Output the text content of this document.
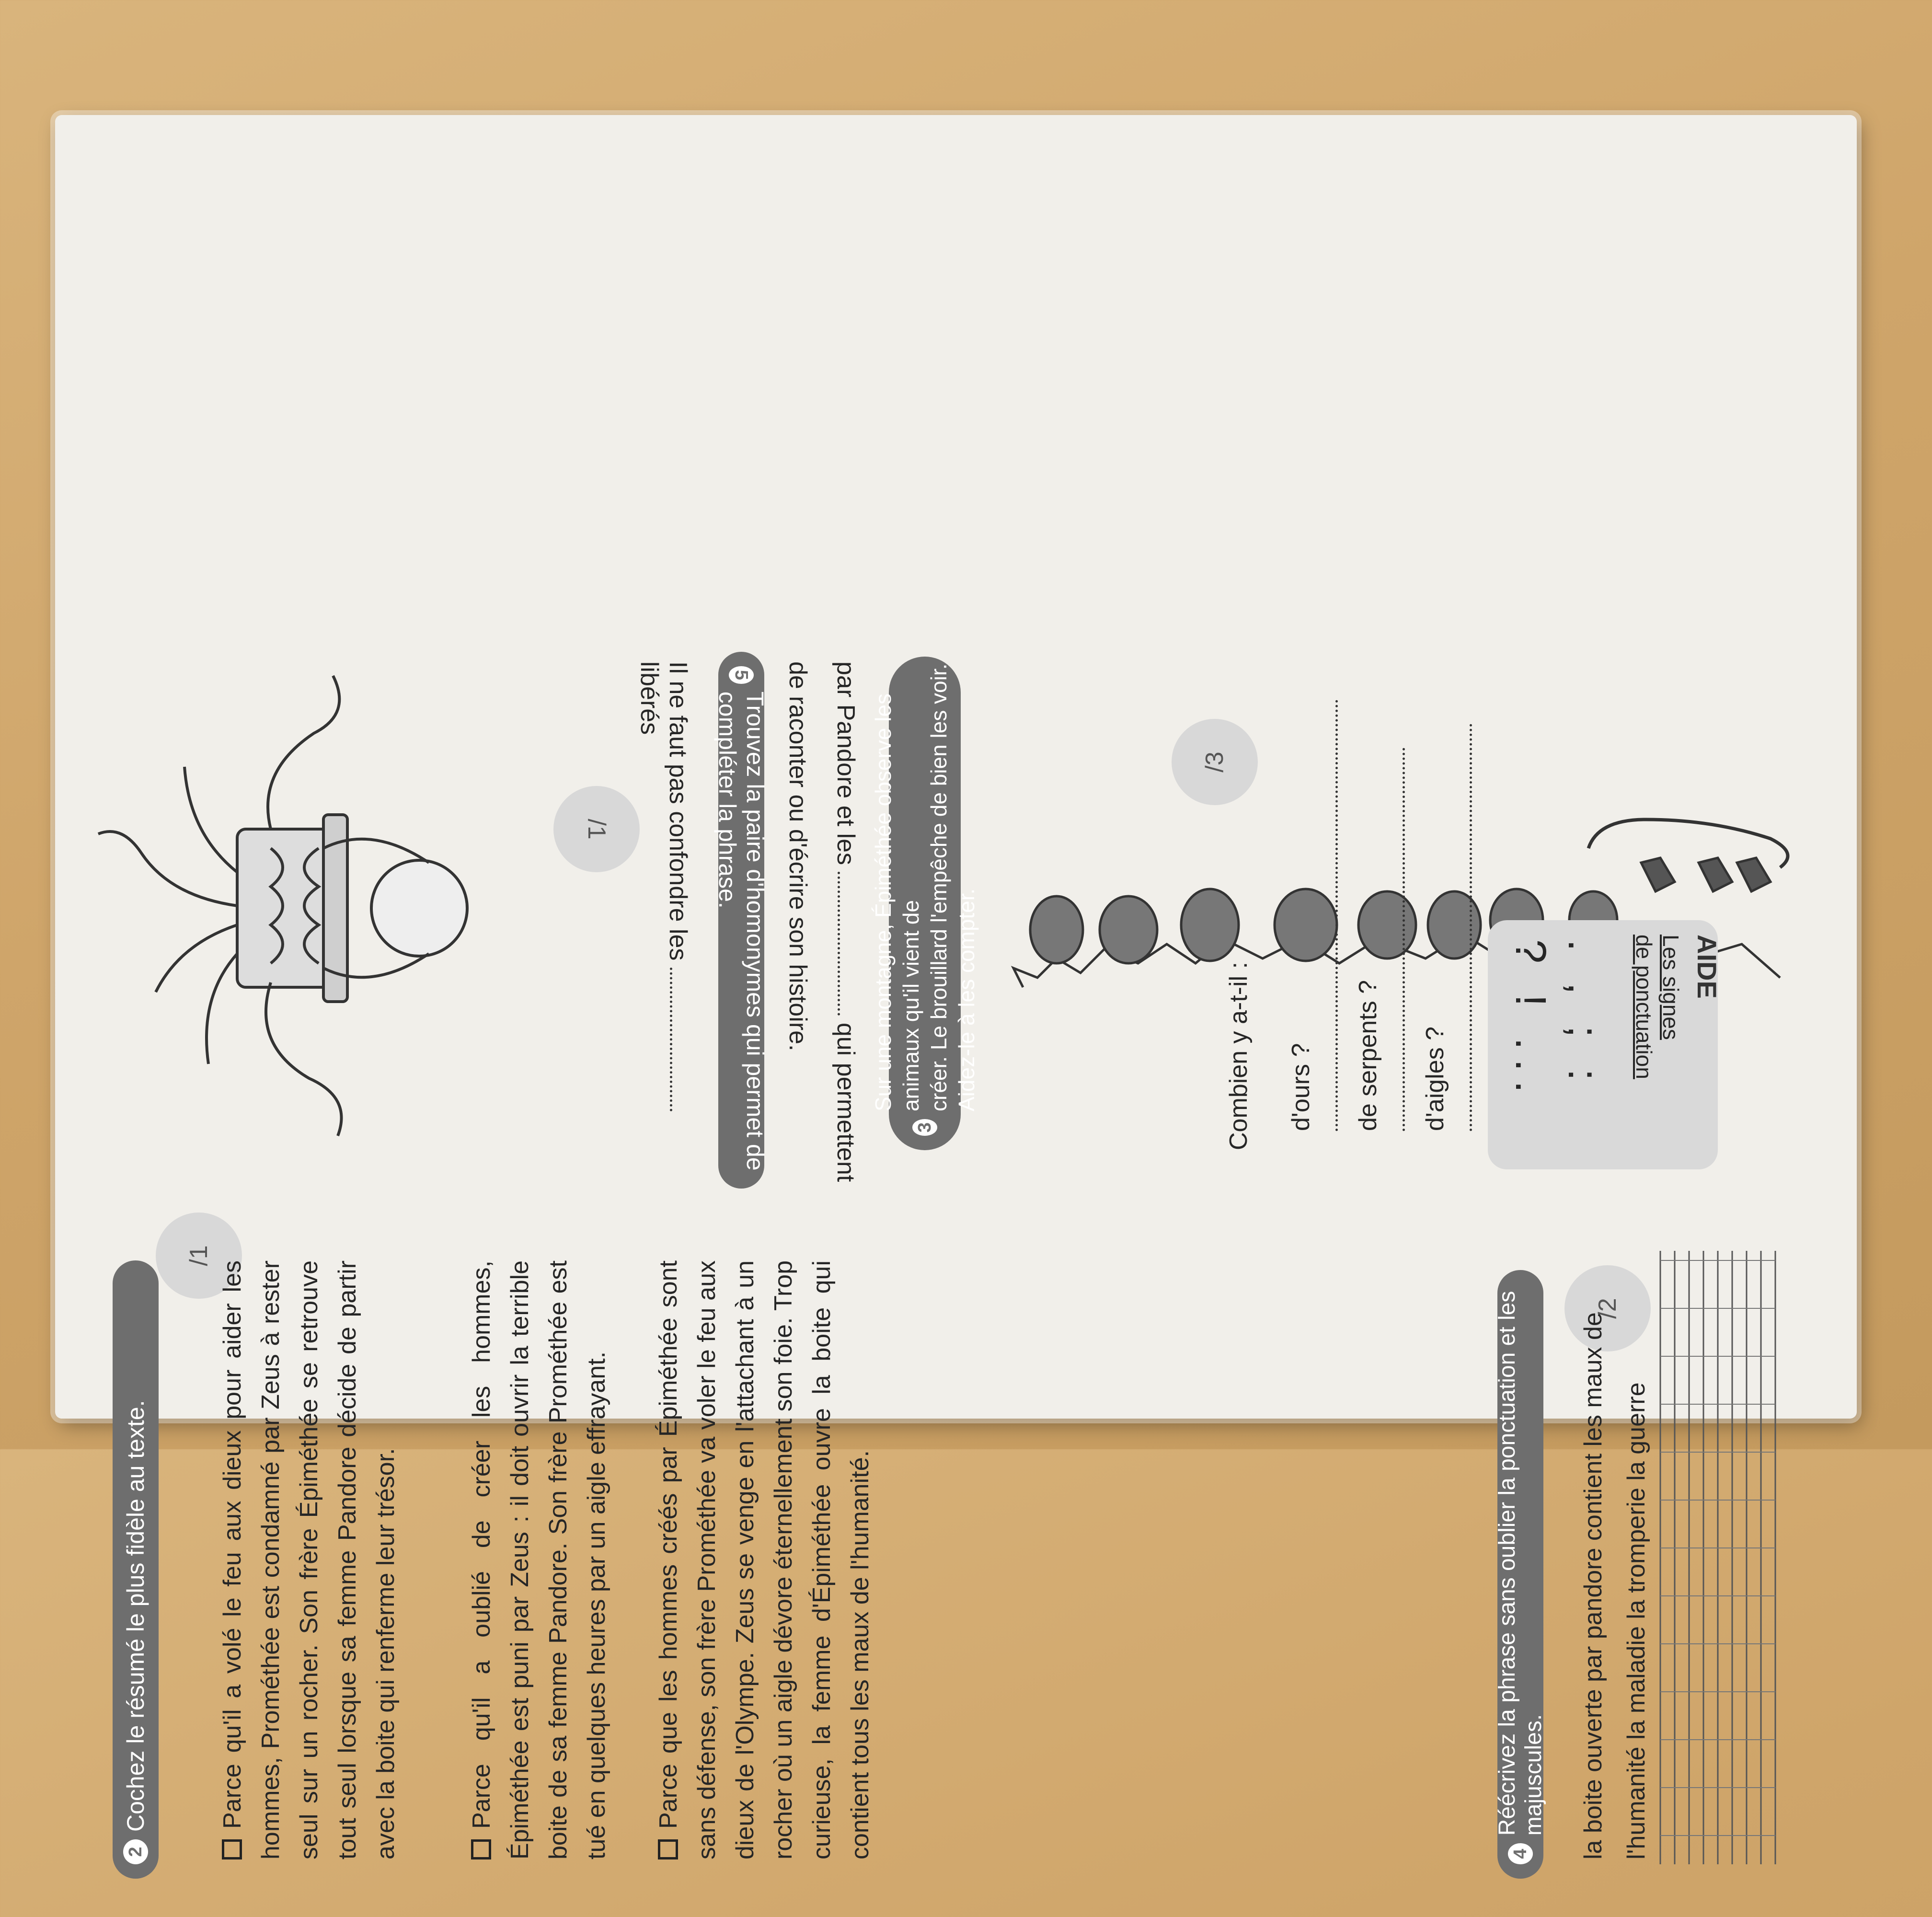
2
Cochez le résumé le plus fidèle au texte.
/1
Parce qu'il a volé le feu aux dieux pour aider les hommes, Prométhée est condamné par Zeus à rester seul sur un rocher. Son frère Épiméthée se retrouve tout seul lorsque sa femme Pandore décide de partir avec la boite qui renferme leur trésor.	Parce qu'il a oublié de créer les hommes, Épiméthée est puni par Zeus : il doit ouvrir la terrible boite de sa femme Pandore. Son frère Prométhée est tué en quelques heures par un aigle effrayant. Parce que les hommes créés par Épiméthée sont sans défense, son frère Prométhée va voler le feu aux dieux de l'Olympe. Zeus se venge en l'attachant à un rocher où un aigle dévore éternellement son foie. Trop curieuse, la femme d'Épiméthée ouvre la boite qui contient tous les maux de l'humanité.
5
Trouvez la paire d'homonymes qui permet de compléter la phrase.
Il ne faut pas confondre les  libérés	par Pandore et les  qui permettent
de raconter ou d'écrire son histoire.
/1
3
Sur une montagne, Épiméthée observe les animaux qu'il vient de créer. Le brouillard l'empêche de bien les voir. Aidez-le à les compter.	Combien y a-t-il :
/3
d'ours ?	de serpents ?	d'aigles ?
4
Réécrivez la phrase sans oublier la ponctuation et les majuscules.
/2
la boite ouverte par pandore contient les maux de l'humanité la maladie la tromperie la guerre
AIDE
Les signes
de ponctuation
. , ; :
? ! ...
